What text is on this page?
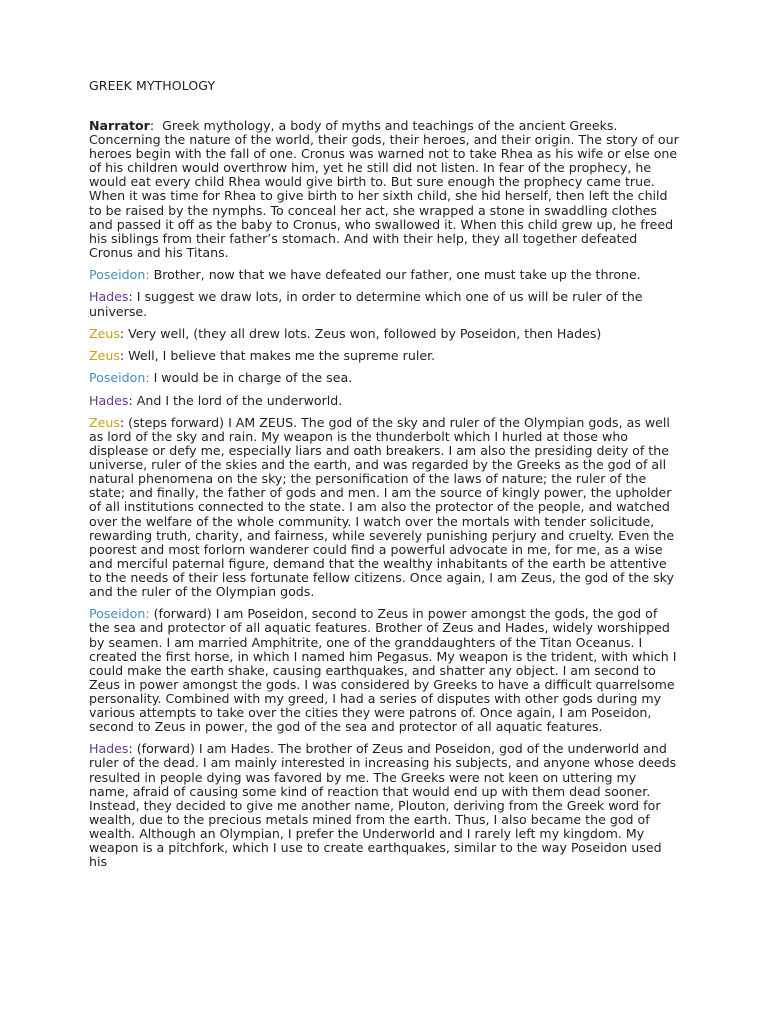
GREEK MYTHOLOGY

Narrator:  Greek mythology, a body of myths and teachings of the ancient Greeks. Concerning the nature of the world, their gods, their heroes, and their origin. The story of our heroes begin with the fall of one. Cronus was warned not to take Rhea as his wife or else one of his children would overthrow him, yet he still did not listen. In fear of the prophecy, he would eat every child Rhea would give birth to. But sure enough the prophecy came true. When it was time for Rhea to give birth to her sixth child, she hid herself, then left the child to be raised by the nymphs. To conceal her act, she wrapped a stone in swaddling clothes and passed it off as the baby to Cronus, who swallowed it. When this child grew up, he freed his siblings from their father’s stomach. And with their help, they all together defeated Cronus and his Titans.

Poseidon: Brother, now that we have defeated our father, one must take up the throne.

Hades: I suggest we draw lots, in order to determine which one of us will be ruler of the universe.

Zeus: Very well, (they all drew lots. Zeus won, followed by Poseidon, then Hades)

Zeus: Well, I believe that makes me the supreme ruler.

Poseidon: I would be in charge of the sea.

Hades: And I the lord of the underworld.

Zeus: (steps forward) I AM ZEUS. The god of the sky and ruler of the Olympian gods, as well as lord of the sky and rain. My weapon is the thunderbolt which I hurled at those who displease or defy me, especially liars and oath breakers. I am also the presiding deity of the universe, ruler of the skies and the earth, and was regarded by the Greeks as the god of all natural phenomena on the sky; the personification of the laws of nature; the ruler of the state; and finally, the father of gods and men. I am the source of kingly power, the upholder of all institutions connected to the state. I am also the protector of the people, and watched over the welfare of the whole community. I watch over the mortals with tender solicitude, rewarding truth, charity, and fairness, while severely punishing perjury and cruelty. Even the poorest and most forlorn wanderer could find a powerful advocate in me, for me, as a wise and merciful paternal figure, demand that the wealthy inhabitants of the earth be attentive to the needs of their less fortunate fellow citizens. Once again, I am Zeus, the god of the sky and the ruler of the Olympian gods.

Poseidon: (forward) I am Poseidon, second to Zeus in power amongst the gods, the god of the sea and protector of all aquatic features. Brother of Zeus and Hades, widely worshipped by seamen. I am married Amphitrite, one of the granddaughters of the Titan Oceanus. I created the first horse, in which I named him Pegasus. My weapon is the trident, with which I could make the earth shake, causing earthquakes, and shatter any object. I am second to Zeus in power amongst the gods. I was considered by Greeks to have a difficult quarrelsome personality. Combined with my greed, I had a series of disputes with other gods during my various attempts to take over the cities they were patrons of. Once again, I am Poseidon, second to Zeus in power, the god of the sea and protector of all aquatic features.

Hades: (forward) I am Hades. The brother of Zeus and Poseidon, god of the underworld and ruler of the dead. I am mainly interested in increasing his subjects, and anyone whose deeds resulted in people dying was favored by me. The Greeks were not keen on uttering my name, afraid of causing some kind of reaction that would end up with them dead sooner. Instead, they decided to give me another name, Plouton, deriving from the Greek word for wealth, due to the precious metals mined from the earth. Thus, I also became the god of wealth. Although an Olympian, I prefer the Underworld and I rarely left my kingdom. My weapon is a pitchfork, which I use to create earthquakes, similar to the way Poseidon used his
